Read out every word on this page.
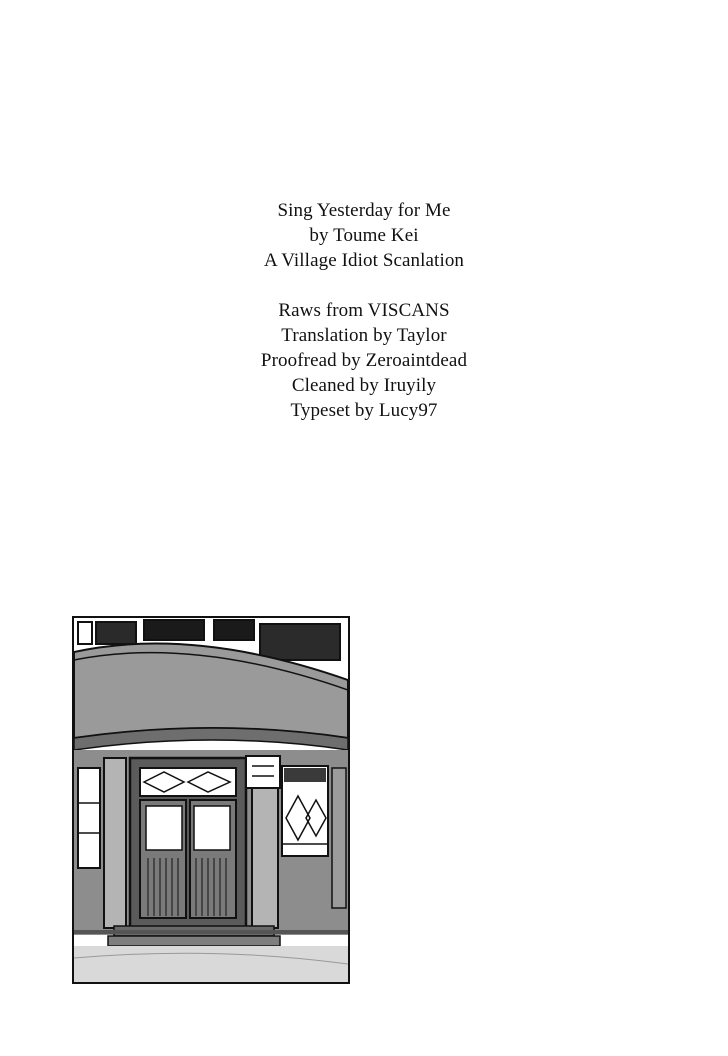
Sing Yesterday for Me
by Toume Kei
A Village Idiot Scanlation
Raws from VISCANS
Translation by Taylor
Proofread by Zeroaintdead
Cleaned by Iruyily
Typeset by Lucy97
